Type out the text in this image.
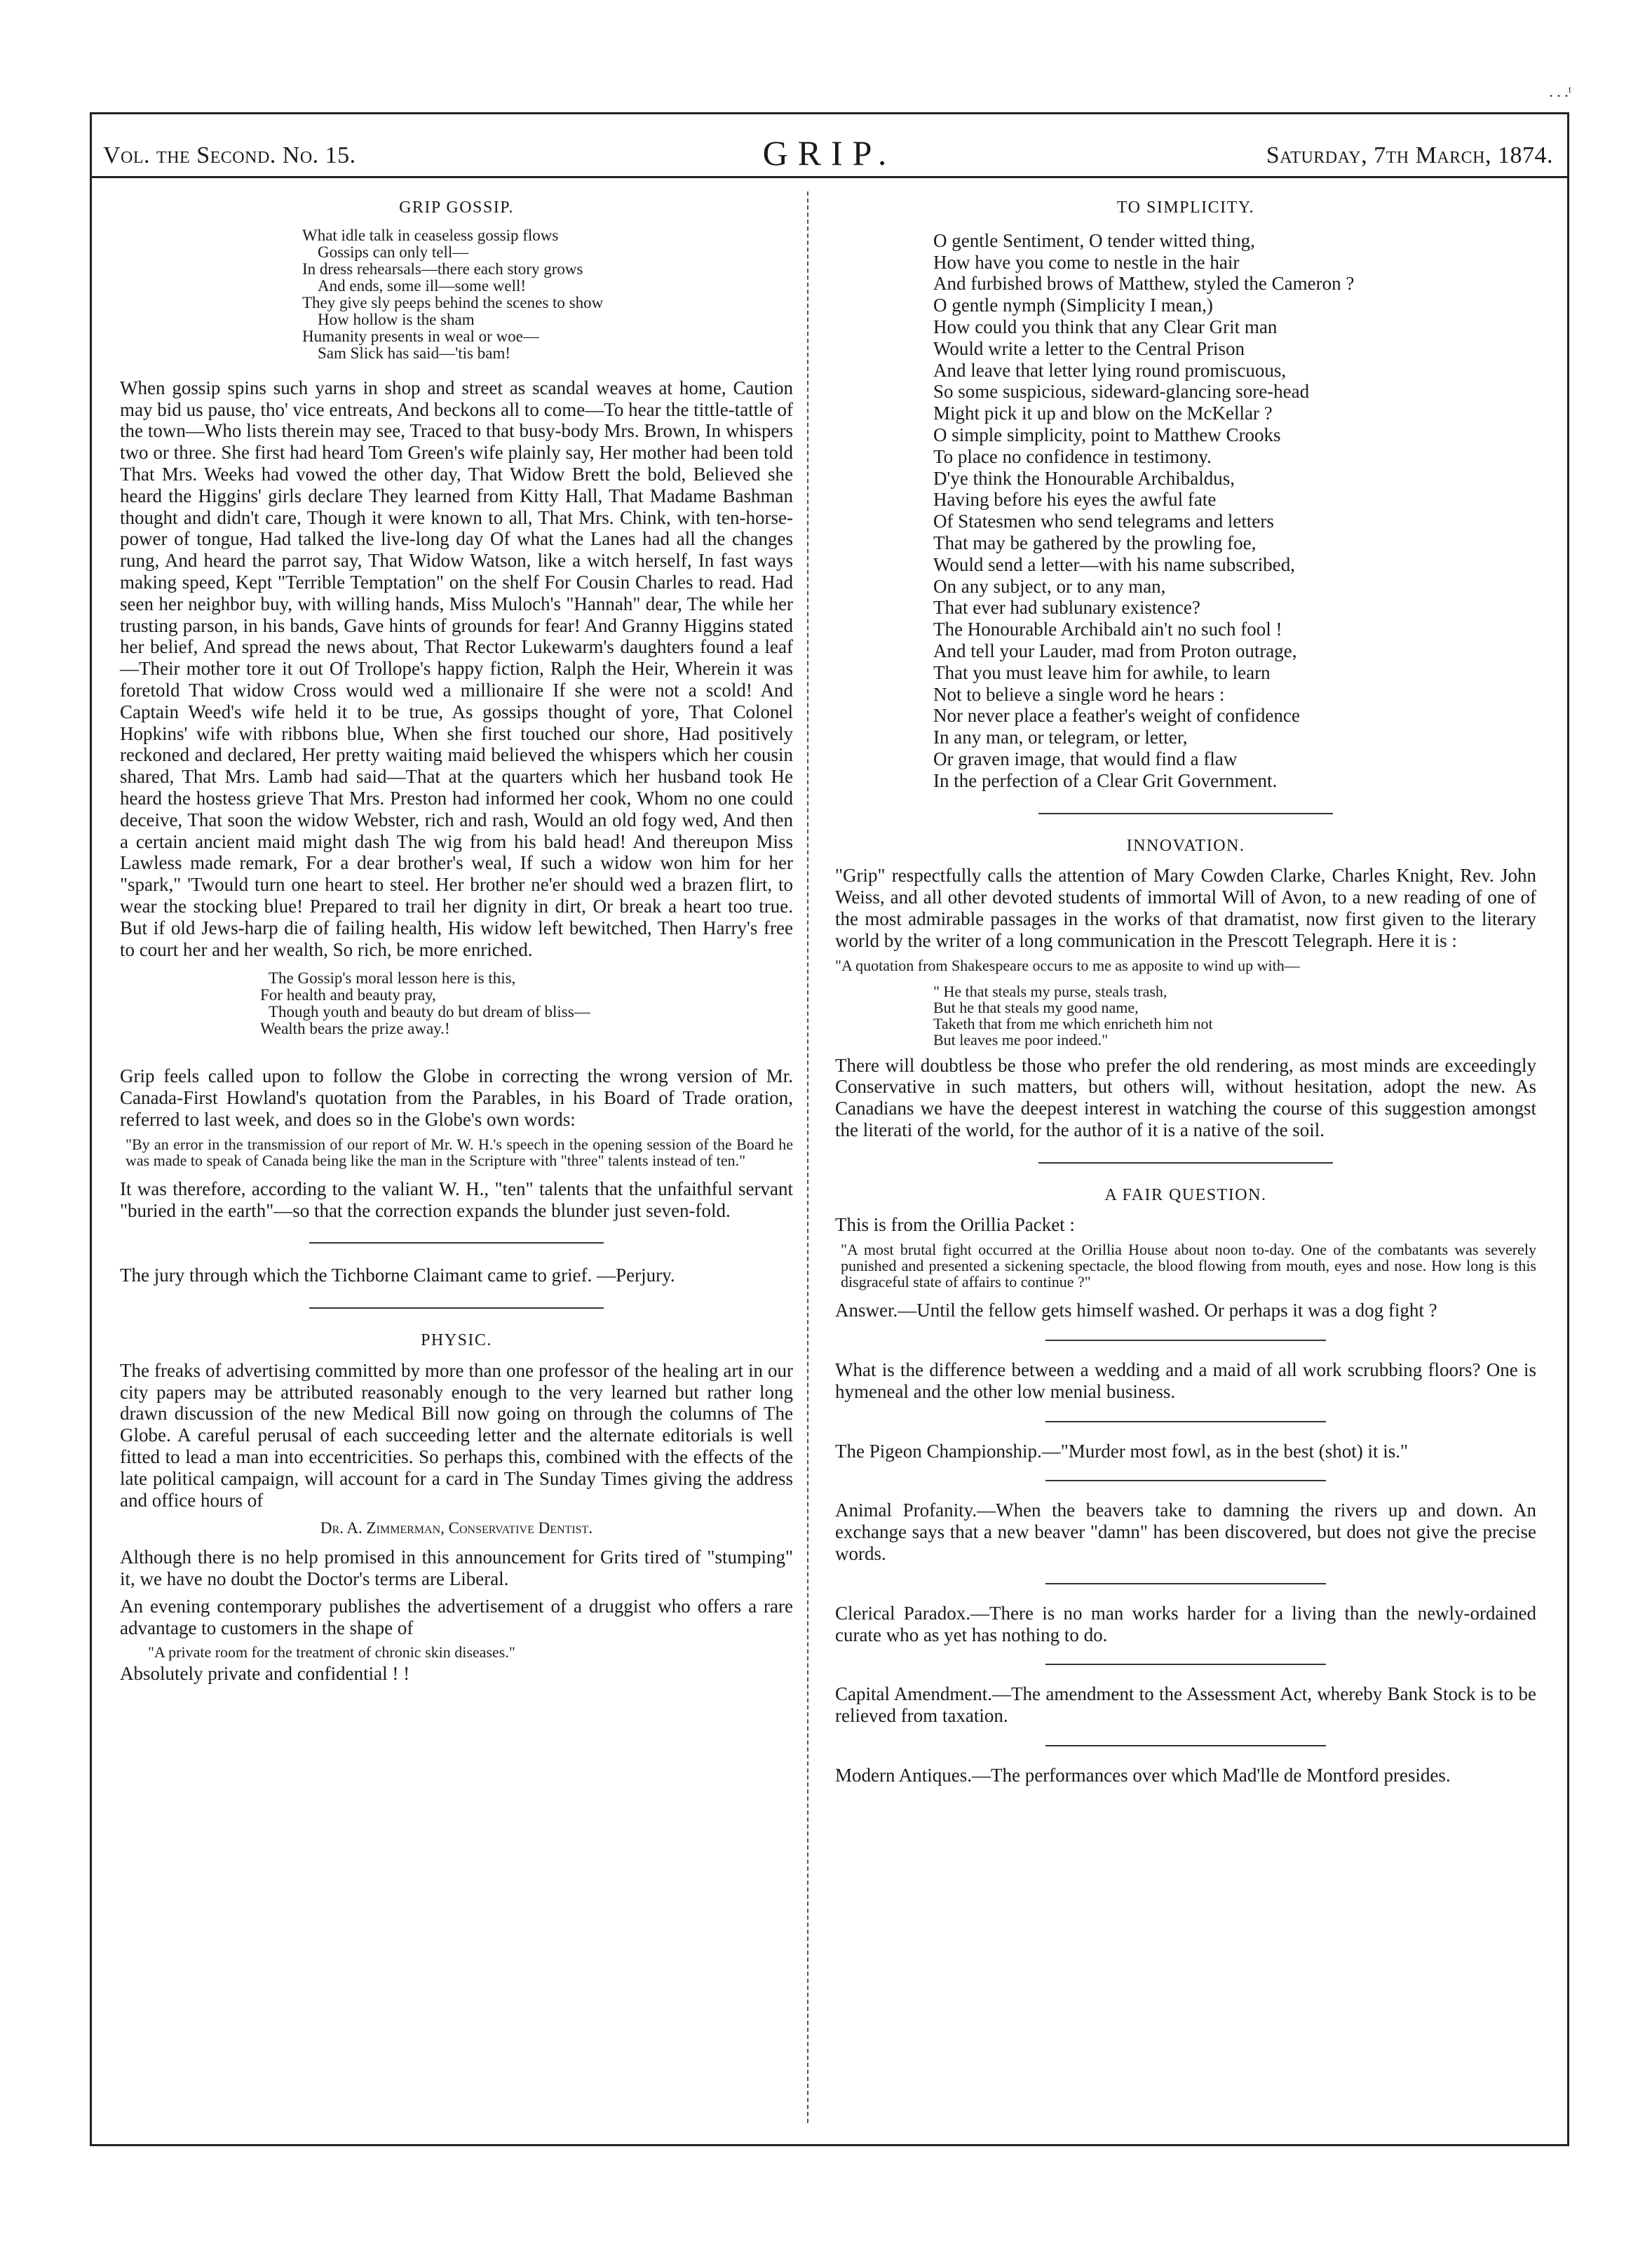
. . .ᵗ
Vol. the Second. No. 15.	GRIP.	Saturday, 7th March, 1874.
GRIP GOSSIP.
What idle talk in ceaseless gossip flows
Gossips can only tell—
In dress rehearsals—there each story grows
And ends, some ill—some well!
They give sly peeps behind the scenes to show
How hollow is the sham
Humanity presents in weal or woe—
Sam Slick has said—'tis bam!

When gossip spins such yarns in shop and street as scandal weaves at home, Caution may bid us pause, tho' vice entreats, And beckons all to come—To hear the tittle-tattle of the town—Who lists therein may see, Traced to that busy-body Mrs. Brown, In whispers two or three. She first had heard Tom Green's wife plainly say, Her mother had been told That Mrs. Weeks had vowed the other day, That Widow Brett the bold, Believed she heard the Higgins' girls declare They learned from Kitty Hall, That Madame Bashman thought and didn't care, Though it were known to all, That Mrs. Chink, with ten-horse-power of tongue, Had talked the live-long day Of what the Lanes had all the changes rung, And heard the parrot say, That Widow Watson, like a witch herself, In fast ways making speed, Kept "Terrible Temptation" on the shelf For Cousin Charles to read. Had seen her neighbor buy, with willing hands, Miss Muloch's "Hannah" dear, The while her trusting parson, in his bands, Gave hints of grounds for fear! And Granny Higgins stated her belief, And spread the news about, That Rector Lukewarm's daughters found a leaf—Their mother tore it out Of Trollope's happy fiction, Ralph the Heir, Wherein it was foretold That widow Cross would wed a millionaire If she were not a scold! And Captain Weed's wife held it to be true, As gossips thought of yore, That Colonel Hopkins' wife with ribbons blue, When she first touched our shore, Had positively reckoned and declared, Her pretty waiting maid believed the whispers which her cousin shared, That Mrs. Lamb had said—That at the quarters which her husband took He heard the hostess grieve That Mrs. Preston had informed her cook, Whom no one could deceive, That soon the widow Webster, rich and rash, Would an old fogy wed, And then a certain ancient maid might dash The wig from his bald head! And thereupon Miss Lawless made remark, For a dear brother's weal, If such a widow won him for her "spark," 'Twould turn one heart to steel. Her brother ne'er should wed a brazen flirt, to wear the stocking blue! Prepared to trail her dignity in dirt, Or break a heart too true. But if old Jews-harp die of failing health, His widow left bewitched, Then Harry's free to court her and her wealth, So rich, be more enriched.

The Gossip's moral lesson here is this,
For health and beauty pray,
Though youth and beauty do but dream of bliss—
Wealth bears the prize away.!

Grip feels called upon to follow the Globe in correcting the wrong version of Mr. Canada-First Howland's quotation from the Parables, in his Board of Trade oration, referred to last week, and does so in the Globe's own words:

"By an error in the transmission of our report of Mr. W. H.'s speech in the opening session of the Board he was made to speak of Canada being like the man in the Scripture with "three" talents instead of ten."

It was therefore, according to the valiant W. H., "ten" talents that the unfaithful servant "buried in the earth"—so that the correction expands the blunder just seven-fold.

The jury through which the Tichborne Claimant came to grief. —Perjury.

PHYSIC.

The freaks of advertising committed by more than one professor of the healing art in our city papers may be attributed reasonably enough to the very learned but rather long drawn discussion of the new Medical Bill now going on through the columns of The Globe. A careful perusal of each succeeding letter and the alternate editorials is well fitted to lead a man into eccentricities. So perhaps this, combined with the effects of the late political campaign, will account for a card in The Sunday Times giving the address and office hours of

Dr. A. Zimmerman, Conservative Dentist.

Although there is no help promised in this announcement for Grits tired of "stumping" it, we have no doubt the Doctor's terms are Liberal.

An evening contemporary publishes the advertisement of a druggist who offers a rare advantage to customers in the shape of

"A private room for the treatment of chronic skin diseases."

Absolutely private and confidential ! !

TO SIMPLICITY.
O gentle Sentiment, O tender witted thing,
How have you come to nestle in the hair
And furbished brows of Matthew, styled the Cameron ?
O gentle nymph (Simplicity I mean,)
How could you think that any Clear Grit man
Would write a letter to the Central Prison
And leave that letter lying round promiscuous,
So some suspicious, sideward-glancing sore-head
Might pick it up and blow on the McKellar ?
O simple simplicity, point to Matthew Crooks
To place no confidence in testimony.
D'ye think the Honourable Archibaldus,
Having before his eyes the awful fate
Of Statesmen who send telegrams and letters
That may be gathered by the prowling foe,
Would send a letter—with his name subscribed,
On any subject, or to any man,
That ever had sublunary existence?
The Honourable Archibald ain't no such fool !
And tell your Lauder, mad from Proton outrage,
That you must leave him for awhile, to learn
Not to believe a single word he hears :
Nor never place a feather's weight of confidence
In any man, or telegram, or letter,
Or graven image, that would find a flaw
In the perfection of a Clear Grit Government.
INNOVATION.

"Grip" respectfully calls the attention of Mary Cowden Clarke, Charles Knight, Rev. John Weiss, and all other devoted students of immortal Will of Avon, to a new reading of one of the most admirable passages in the works of that dramatist, now first given to the literary world by the writer of a long communication in the Prescott Telegraph. Here it is :

"A quotation from Shakespeare occurs to me as apposite to wind up with—

" He that steals my purse, steals trash,
But he that steals my good name,
Taketh that from me which enricheth him not
But leaves me poor indeed."

There will doubtless be those who prefer the old rendering, as most minds are exceedingly Conservative in such matters, but others will, without hesitation, adopt the new. As Canadians we have the deepest interest in watching the course of this suggestion amongst the literati of the world, for the author of it is a native of the soil.

A FAIR QUESTION.

This is from the Orillia Packet :

"A most brutal fight occurred at the Orillia House about noon to-day. One of the combatants was severely punished and presented a sickening spectacle, the blood flowing from mouth, eyes and nose. How long is this disgraceful state of affairs to continue ?"

Answer.—Until the fellow gets himself washed. Or perhaps it was a dog fight ?

What is the difference between a wedding and a maid of all work scrubbing floors? One is hymeneal and the other low menial business.

The Pigeon Championship.—"Murder most fowl, as in the best (shot) it is."

Animal Profanity.—When the beavers take to damning the rivers up and down. An exchange says that a new beaver "damn" has been discovered, but does not give the precise words.

Clerical Paradox.—There is no man works harder for a living than the newly-ordained curate who as yet has nothing to do.

Capital Amendment.—The amendment to the Assessment Act, whereby Bank Stock is to be relieved from taxation.

Modern Antiques.—The performances over which Mad'lle de Montford presides.
